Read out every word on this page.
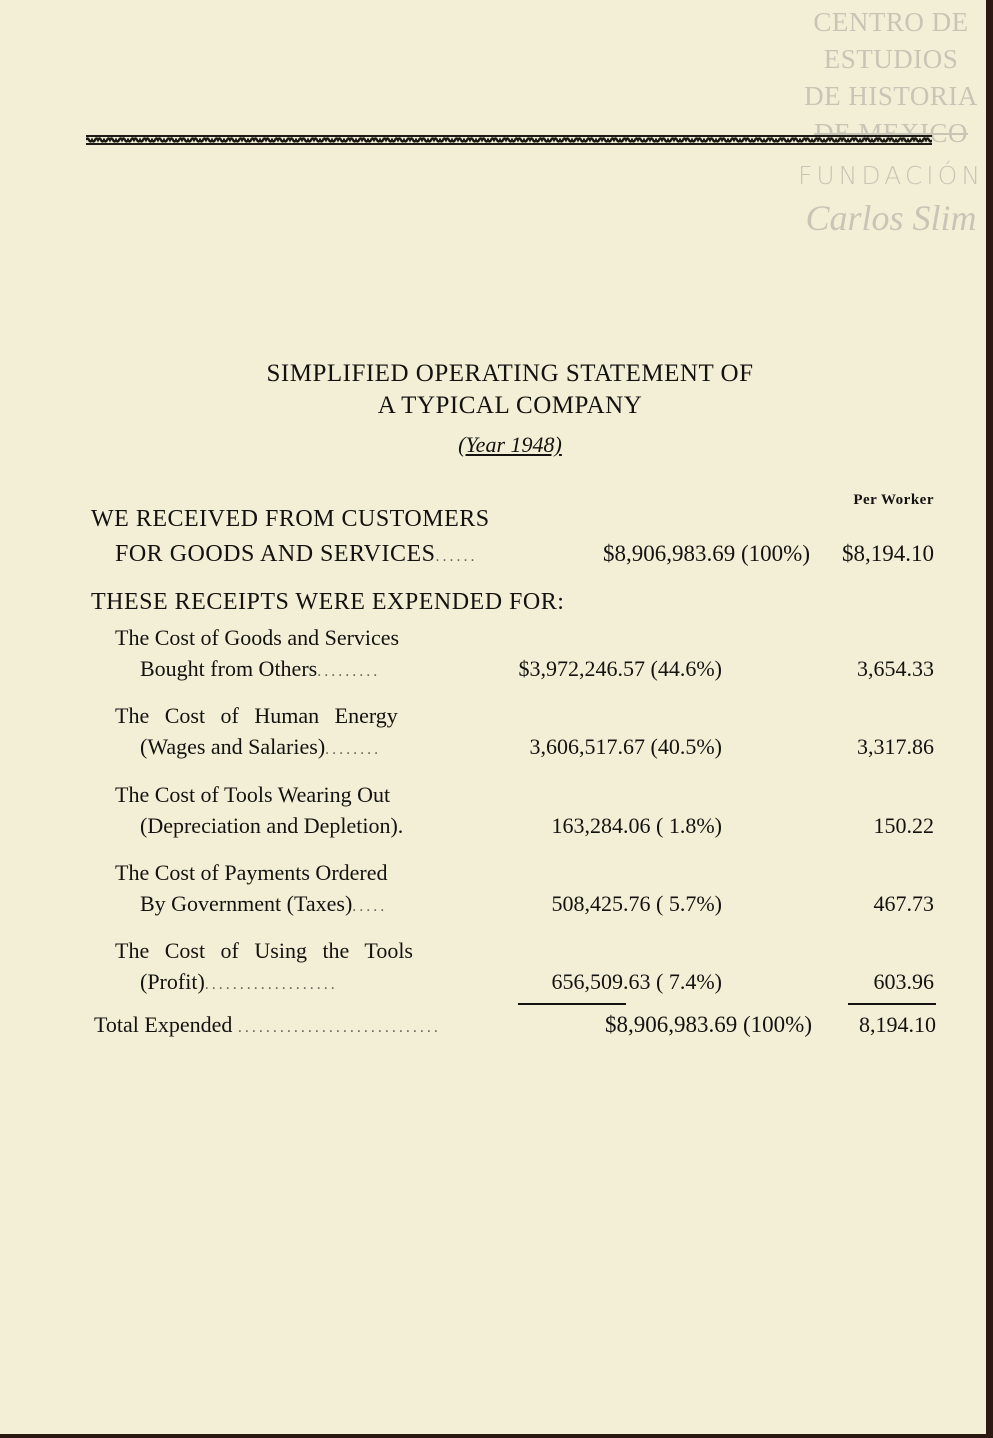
CENTRO DE
ESTUDIOS
DE HISTORIA
DE MEXICO
FUNDACIÓN
Carlos Slim
SIMPLIFIED OPERATING STATEMENT OF
A TYPICAL COMPANY
(Year 1948)
Per Worker
WE RECEIVED FROM CUSTOMERS
FOR GOODS AND SERVICES......	$8,906,983.69 (100%)	$8,194.10
THESE RECEIPTS WERE EXPENDED FOR:
The Cost of Goods and Services
Bought from Others.........	$3,972,246.57 (44.6%)	3,654.33
The Cost of Human Energy
(Wages and Salaries)........	3,606,517.67 (40.5%)	3,317.86
The Cost of Tools Wearing Out
(Depreciation and Depletion).	163,284.06 ( 1.8%)	150.22
The Cost of Payments Ordered
By Government (Taxes).....	508,425.76 ( 5.7%)	467.73
The Cost of Using the Tools
(Profit)...................	656,509.63 ( 7.4%)	603.96
Total Expended .............................	$8,906,983.69 (100%)	8,194.10
